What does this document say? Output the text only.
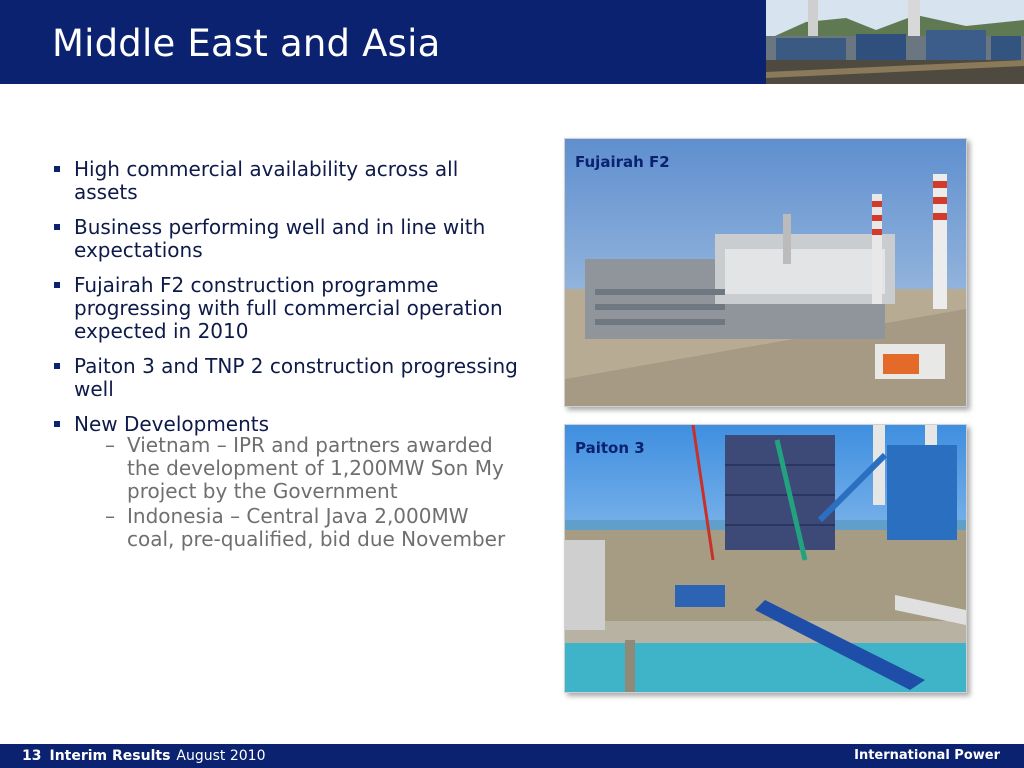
Middle East and Asia
High commercial availability across all assets
Business performing well and in line with expectations
Fujairah F2 construction programme progressing with full commercial operation expected in 2010
Paiton 3 and TNP 2 construction progressing well
New Developments
– Vietnam – IPR and partners awarded the development of 1,200MW Son My project by the Government
– Indonesia – Central Java 2,000MW coal, pre-qualified, bid due November
Fujairah F2
Paiton 3
13 Interim Results August 2010	International Power
